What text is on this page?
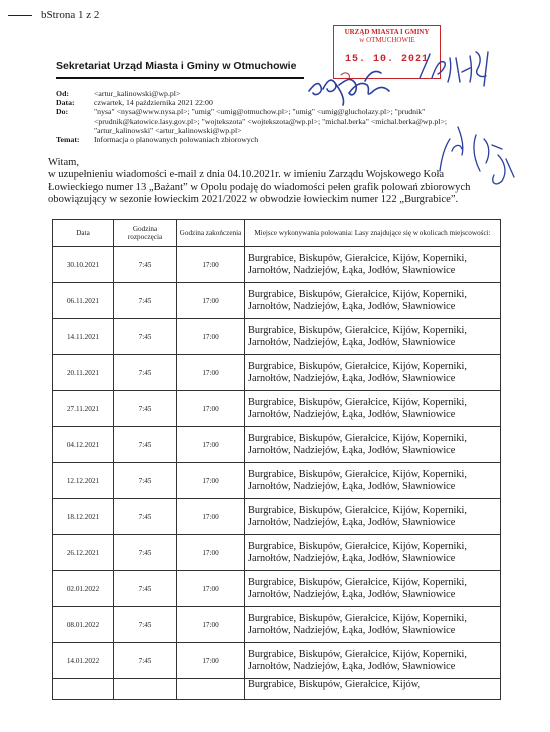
bStrona 1 z 2
Sekretariat Urząd Miasta i Gminy w Otmuchowie
URZĄD MIASTA I GMINY
w OTMUCHOWIE
15. 10. 2021
Od:	<artur_kalinowski@wp.pl>
Data:	czwartek, 14 października 2021 22:00
Do:	"nysa" <nysa@www.nysa.pl>; "umig" <umig@otmuchow.pl>; "umig" <umig@glucholazy.pl>; "prudnik" <prudnik@katowice.lasy.gov.pl>; "wojtekszota" <wojtekszota@wp.pl>; "michal.berka" <michal.berka@wp.pl>; "artur_kalinowski" <artur_kalinowski@wp.pl>
Temat:	Informacja o planowanych polowaniach zbiorowych
Witam,
w uzupełnieniu wiadomości e-mail z dnia 04.10.2021r. w imieniu Zarządu Wojskowego Koła Łowieckiego numer 13 „Bażant” w Opolu podaję do wiadomości pełen grafik polowań zbiorowych obowiązujący w sezonie łowieckim 2021/2022 w obwodzie łowieckim numer 122 „Burgrabice”.
Data	Godzina rozpoczęcia	Godzina zakończenia	Miejsce wykonywania polowania: Lasy znajdujące się w okolicach miejscowości:
30.10.2021	7:45	17:00	Burgrabice, Biskupów, Gierałcice, Kijów, Koperniki, Jarnołtów, Nadziejów, Łąka, Jodłów, Sławniowice
06.11.2021	7:45	17:00	Burgrabice, Biskupów, Gierałcice, Kijów, Koperniki, Jarnołtów, Nadziejów, Łąka, Jodłów, Sławniowice
14.11.2021	7:45	17:00	Burgrabice, Biskupów, Gierałcice, Kijów, Koperniki, Jarnołtów, Nadziejów, Łąka, Jodłów, Sławniowice
20.11.2021	7:45	17:00	Burgrabice, Biskupów, Gierałcice, Kijów, Koperniki, Jarnołtów, Nadziejów, Łąka, Jodłów, Sławniowice
27.11.2021	7:45	17:00	Burgrabice, Biskupów, Gierałcice, Kijów, Koperniki, Jarnołtów, Nadziejów, Łąka, Jodłów, Sławniowice
04.12.2021	7:45	17:00	Burgrabice, Biskupów, Gierałcice, Kijów, Koperniki, Jarnołtów, Nadziejów, Łąka, Jodłów, Sławniowice
12.12.2021	7:45	17:00	Burgrabice, Biskupów, Gierałcice, Kijów, Koperniki, Jarnołtów, Nadziejów, Łąka, Jodłów, Sławniowice
18.12.2021	7:45	17:00	Burgrabice, Biskupów, Gierałcice, Kijów, Koperniki, Jarnołtów, Nadziejów, Łąka, Jodłów, Sławniowice
26.12.2021	7:45	17:00	Burgrabice, Biskupów, Gierałcice, Kijów, Koperniki, Jarnołtów, Nadziejów, Łąka, Jodłów, Sławniowice
02.01.2022	7:45	17:00	Burgrabice, Biskupów, Gierałcice, Kijów, Koperniki, Jarnołtów, Nadziejów, Łąka, Jodłów, Sławniowice
08.01.2022	7:45	17:00	Burgrabice, Biskupów, Gierałcice, Kijów, Koperniki, Jarnołtów, Nadziejów, Łąka, Jodłów, Sławniowice
14.01.2022	7:45	17:00	Burgrabice, Biskupów, Gierałcice, Kijów, Koperniki, Jarnołtów, Nadziejów, Łąka, Jodłów, Sławniowice
			Burgrabice, Biskupów, Gierałcice, Kijów,
